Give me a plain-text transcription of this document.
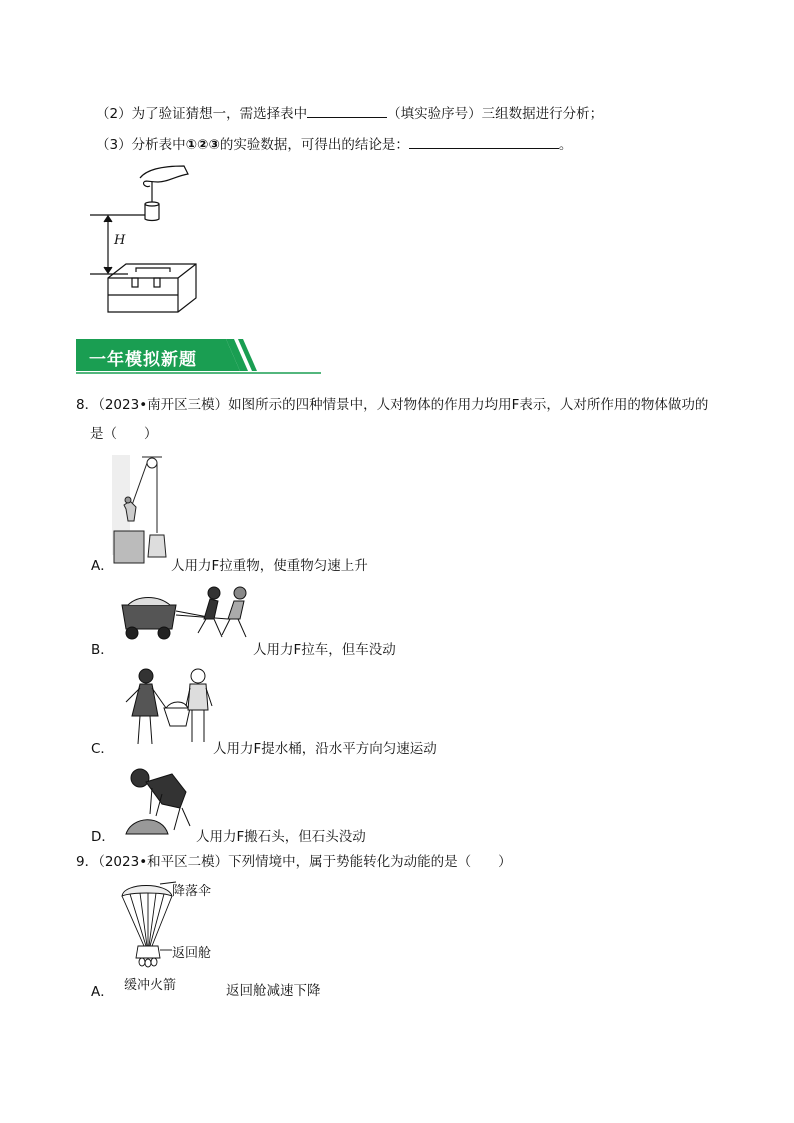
（2）为了验证猜想一，需选择表中	（填实验序号）三组数据进行分析；
（3）分析表中①②③的实验数据，可得出的结论是：	。
H
一年模拟新题
8．（2023•南开区三模）如图所示的四种情景中，人对物体的作用力均用F表示，人对所作用的物体做功的
是（　　）
A．	人用力F拉重物，使重物匀速上升
B．	人用力F拉车，但车没动
C．	人用力F提水桶，沿水平方向匀速运动
D．	人用力F搬石头，但石头没动
9．（2023•和平区二模）下列情境中，属于势能转化为动能的是（　　）
降落伞
返回舱
缓冲火箭
A．	返回舱减速下降
